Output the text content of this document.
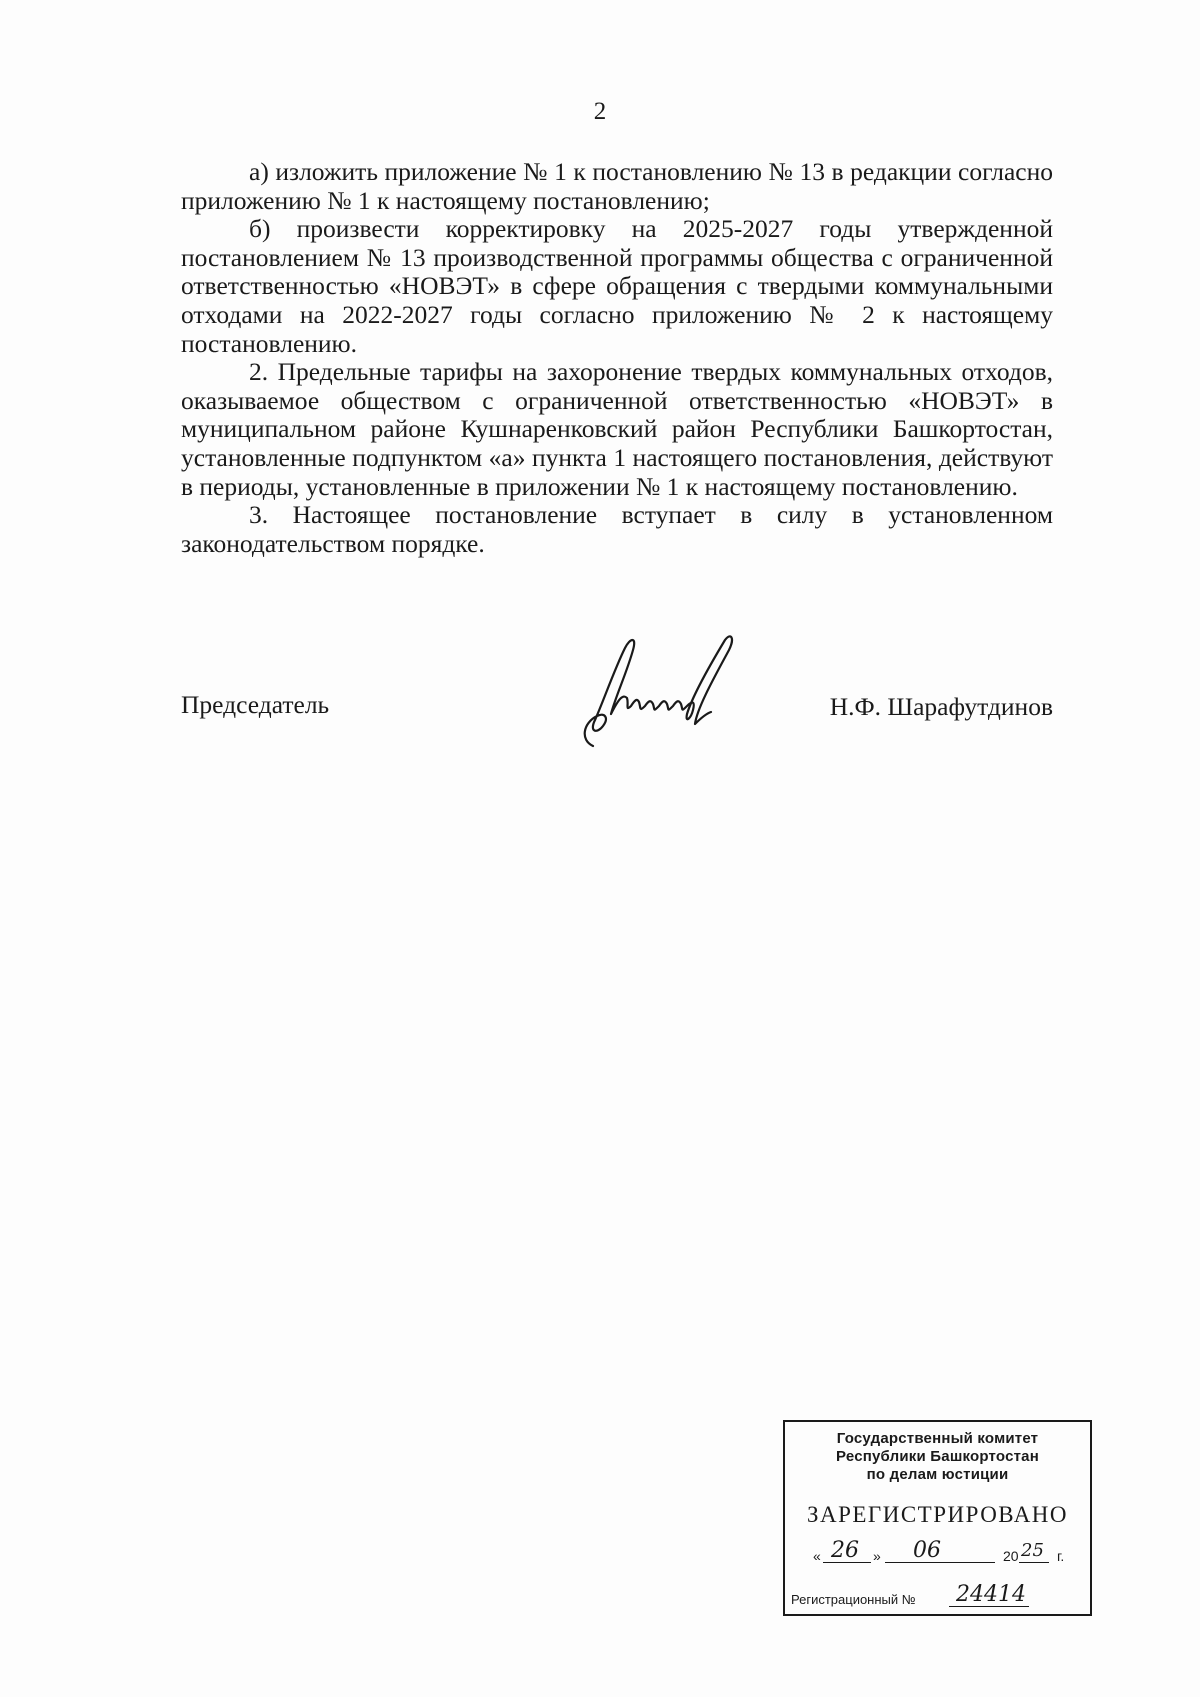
2

а) изложить приложение № 1 к постановлению № 13 в редакции согласно приложению № 1 к настоящему постановлению;

б) произвести корректировку на 2025-2027 годы утвержденной постановлением № 13 производственной программы общества с ограниченной ответственностью «НОВЭТ» в сфере обращения с твердыми коммунальными отходами на 2022-2027 годы согласно приложению № 2 к настоящему постановлению.

2. Предельные тарифы на захоронение твердых коммунальных отходов, оказываемое обществом с ограниченной ответственностью «НОВЭТ» в муниципальном районе Кушнаренковский район Республики Башкортостан, установленные подпунктом «а» пункта 1 настоящего постановления, действуют в периоды, установленные в приложении № 1 к настоящему постановлению.

3. Настоящее постановление вступает в силу в установленном законодательством порядке.

Председатель	Н.Ф. Шарафутдинов
Государственный комитет
Республики Башкортостан
по делам юстиции
ЗАРЕГИСТРИРОВАНО
« 26 » 06	20 25 г.
Регистрационный № 24414
